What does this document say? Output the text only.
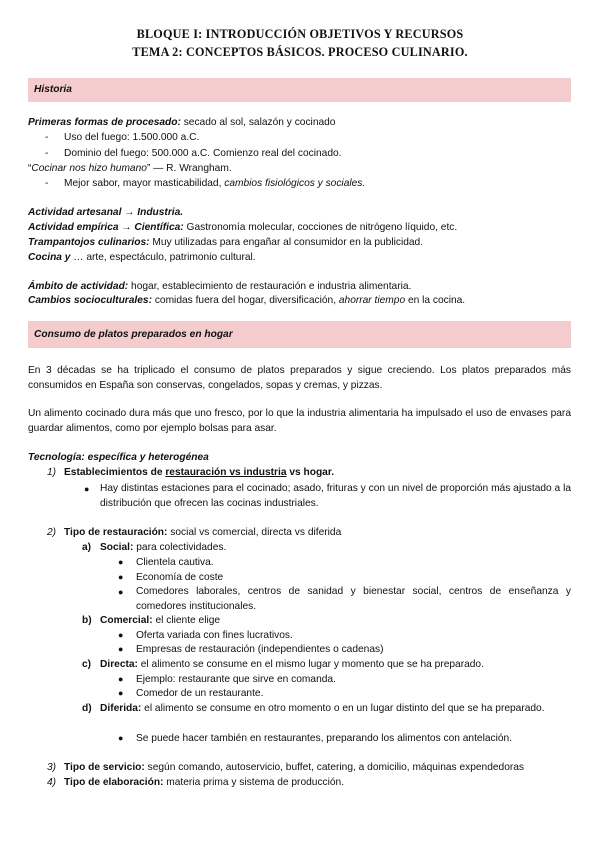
BLOQUE I: INTRODUCCIÓN OBJETIVOS Y RECURSOS
TEMA 2: CONCEPTOS BÁSICOS. PROCESO CULINARIO.
Historia
Primeras formas de procesado: secado al sol, salazón y cocinado
- Uso del fuego: 1.500.000 a.C.
- Dominio del fuego: 500.000 a.C. Comienzo real del cocinado.
“Cocinar nos hizo humano” — R. Wrangham.
- Mejor sabor, mayor masticabilidad, cambios fisiológicos y sociales.
Actividad artesanal → Industria.
Actividad empírica → Científica: Gastronomía molecular, cocciones de nitrógeno líquido, etc.
Trampantojos culinarios: Muy utilizadas para engañar al consumidor en la publicidad.
Cocina y … arte, espectáculo, patrimonio cultural.
Ámbito de actividad: hogar, establecimiento de restauración e industria alimentaria.
Cambios socioculturales: comidas fuera del hogar, diversificación, ahorrar tiempo en la cocina.
Consumo de platos preparados en hogar
En 3 décadas se ha triplicado el consumo de platos preparados y sigue creciendo. Los platos preparados más consumidos en España son conservas, congelados, sopas y cremas, y pizzas.
Un alimento cocinado dura más que uno fresco, por lo que la industria alimentaria ha impulsado el uso de envases para guardar alimentos, como por ejemplo bolsas para asar.
Tecnología: específica y heterogénea
1) Establecimientos de restauración vs industria vs hogar.
● Hay distintas estaciones para el cocinado; asado, frituras y con un nivel de proporción más ajustado a la distribución que ofrecen las cocinas industriales.
2) Tipo de restauración: social vs comercial, directa vs diferida
a) Social: para colectividades.
● Clientela cautiva.
● Economía de coste
● Comedores laborales, centros de sanidad y bienestar social, centros de enseñanza y comedores institucionales.
b) Comercial: el cliente elige
● Oferta variada con fines lucrativos.
● Empresas de restauración (independientes o cadenas)
c) Directa: el alimento se consume en el mismo lugar y momento que se ha preparado.
● Ejemplo: restaurante que sirve en comanda.
● Comedor de un restaurante.
d) Diferida: el alimento se consume en otro momento o en un lugar distinto del que se ha preparado.
● Se puede hacer también en restaurantes, preparando los alimentos con antelación.
3) Tipo de servicio: según comando, autoservicio, buffet, catering, a domicilio, máquinas expendedoras
4) Tipo de elaboración: materia prima y sistema de producción.
